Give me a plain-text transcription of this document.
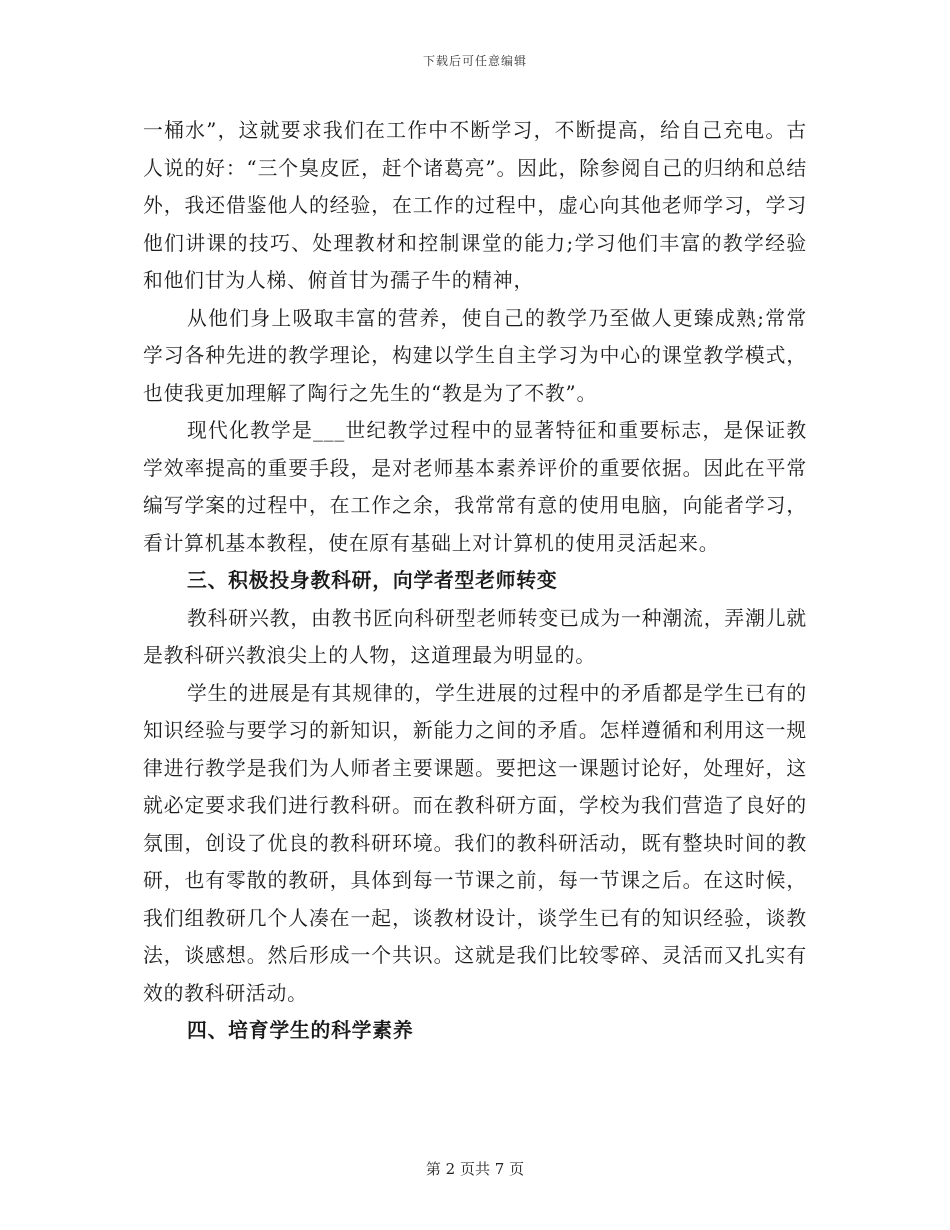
下载后可任意编辑

一桶水”，这就要求我们在工作中不断学习，不断提高，给自己充电。古人说的好：“三个臭皮匠，赶个诸葛亮”。因此，除参阅自己的归纳和总结外，我还借鉴他人的经验，在工作的过程中，虚心向其他老师学习，学习他们讲课的技巧、处理教材和控制课堂的能力;学习他们丰富的教学经验和他们甘为人梯、俯首甘为孺子牛的精神，

从他们身上吸取丰富的营养，使自己的教学乃至做人更臻成熟;常常学习各种先进的教学理论，构建以学生自主学习为中心的课堂教学模式，也使我更加理解了陶行之先生的“教是为了不教”。

现代化教学是___世纪教学过程中的显著特征和重要标志，是保证教学效率提高的重要手段，是对老师基本素养评价的重要依据。因此在平常编写学案的过程中，在工作之余，我常常有意的使用电脑，向能者学习，看计算机基本教程，使在原有基础上对计算机的使用灵活起来。

三、积极投身教科研，向学者型老师转变

教科研兴教，由教书匠向科研型老师转变已成为一种潮流，弄潮儿就是教科研兴教浪尖上的人物，这道理最为明显的。

学生的进展是有其规律的，学生进展的过程中的矛盾都是学生已有的知识经验与要学习的新知识，新能力之间的矛盾。怎样遵循和利用这一规律进行教学是我们为人师者主要课题。要把这一课题讨论好，处理好，这就必定要求我们进行教科研。而在教科研方面，学校为我们营造了良好的氛围，创设了优良的教科研环境。我们的教科研活动，既有整块时间的教研，也有零散的教研，具体到每一节课之前，每一节课之后。在这时候，我们组教研几个人凑在一起，谈教材设计，谈学生已有的知识经验，谈教法，谈感想。然后形成一个共识。这就是我们比较零碎、灵活而又扎实有效的教科研活动。

四、培育学生的科学素养

第 2 页共 7 页
